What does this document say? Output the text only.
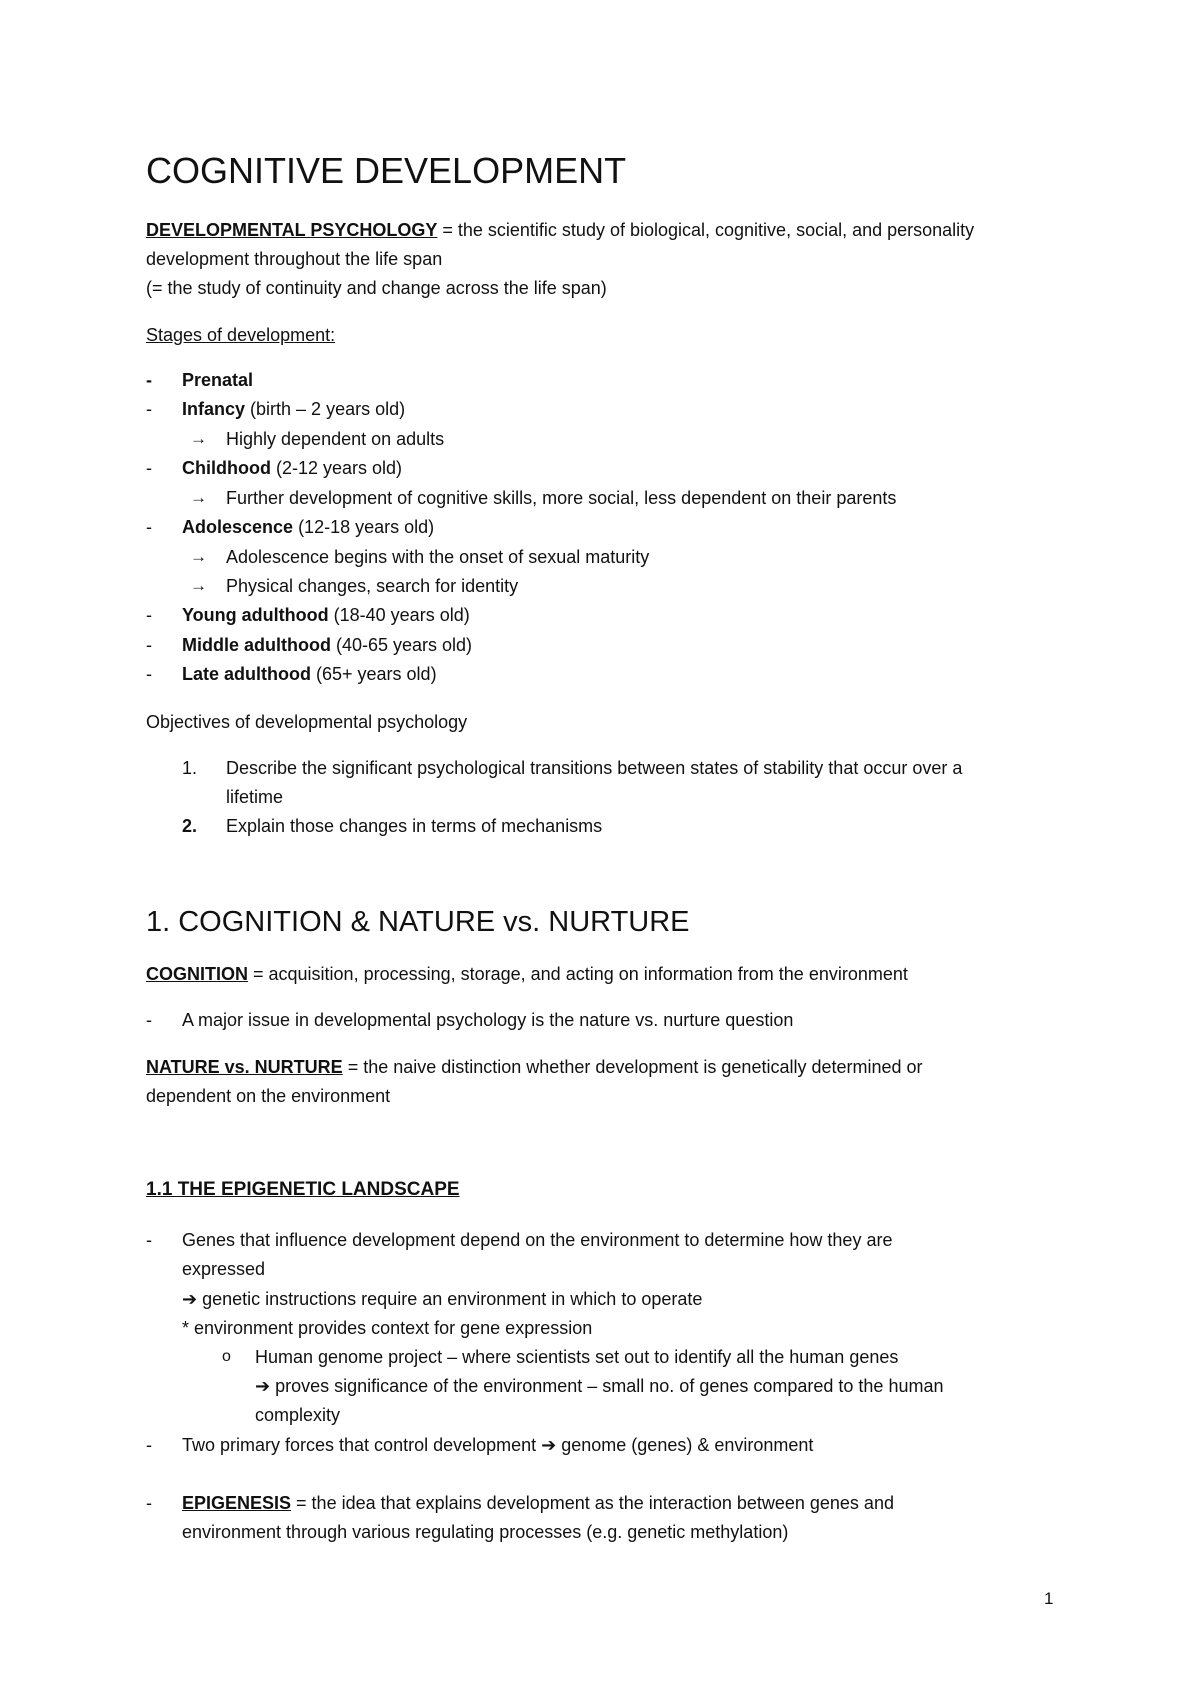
COGNITIVE DEVELOPMENT
DEVELOPMENTAL PSYCHOLOGY = the scientific study of biological, cognitive, social, and personality
development throughout the life span
(= the study of continuity and change across the life span)
Stages of development:
- Prenatal
- Infancy (birth – 2 years old)
→ Highly dependent on adults
- Childhood (2-12 years old)
→ Further development of cognitive skills, more social, less dependent on their parents
- Adolescence (12-18 years old)
→ Adolescence begins with the onset of sexual maturity
→ Physical changes, search for identity
- Young adulthood (18-40 years old)
- Middle adulthood (40-65 years old)
- Late adulthood (65+ years old)
Objectives of developmental psychology
1. Describe the significant psychological transitions between states of stability that occur over a
lifetime
2. Explain those changes in terms of mechanisms
1. COGNITION & NATURE vs. NURTURE
COGNITION = acquisition, processing, storage, and acting on information from the environment
- A major issue in developmental psychology is the nature vs. nurture question
NATURE vs. NURTURE = the naive distinction whether development is genetically determined or
dependent on the environment
1.1 THE EPIGENETIC LANDSCAPE
- Genes that influence development depend on the environment to determine how they are
expressed
➔ genetic instructions require an environment in which to operate
* environment provides context for gene expression
o Human genome project – where scientists set out to identify all the human genes
➔ proves significance of the environment – small no. of genes compared to the human
complexity
- Two primary forces that control development ➔ genome (genes) & environment
- EPIGENESIS = the idea that explains development as the interaction between genes and
environment through various regulating processes (e.g. genetic methylation)
1
